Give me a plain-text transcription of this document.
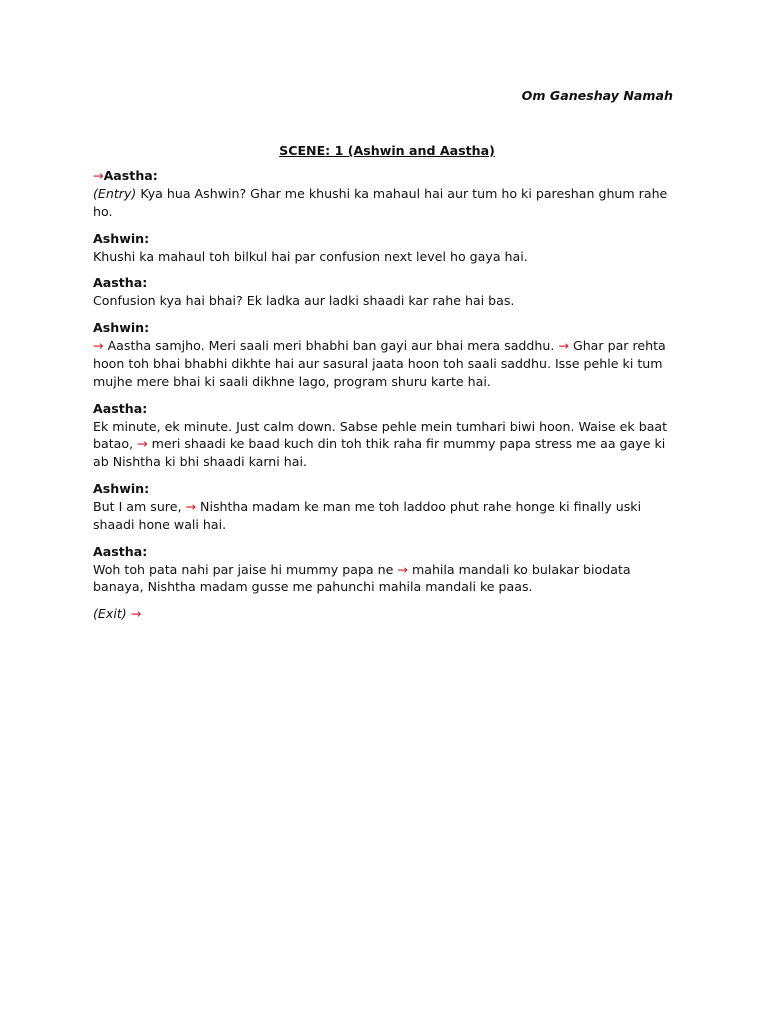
Om Ganeshay Namah
SCENE: 1 (Ashwin and Aastha)
→Aastha:
(Entry) Kya hua Ashwin? Ghar me khushi ka mahaul hai aur tum ho ki pareshan ghum rahe ho.
Ashwin:
Khushi ka mahaul toh bilkul hai par confusion next level ho gaya hai.
Aastha:
Confusion kya hai bhai? Ek ladka aur ladki shaadi kar rahe hai bas.
Ashwin:
→ Aastha samjho. Meri saali meri bhabhi ban gayi aur bhai mera saddhu. → Ghar par rehta hoon toh bhai bhabhi dikhte hai aur sasural jaata hoon toh saali saddhu. Isse pehle ki tum mujhe mere bhai ki saali dikhne lago, program shuru karte hai.
Aastha:
Ek minute, ek minute. Just calm down. Sabse pehle mein tumhari biwi hoon. Waise ek baat batao, → meri shaadi ke baad kuch din toh thik raha fir mummy papa stress me aa gaye ki ab Nishtha ki bhi shaadi karni hai.
Ashwin:
But I am sure, → Nishtha madam ke man me toh laddoo phut rahe honge ki finally uski shaadi hone wali hai.
Aastha:
Woh toh pata nahi par jaise hi mummy papa ne → mahila mandali ko bulakar biodata banaya, Nishtha madam gusse me pahunchi mahila mandali ke paas.
(Exit) →
